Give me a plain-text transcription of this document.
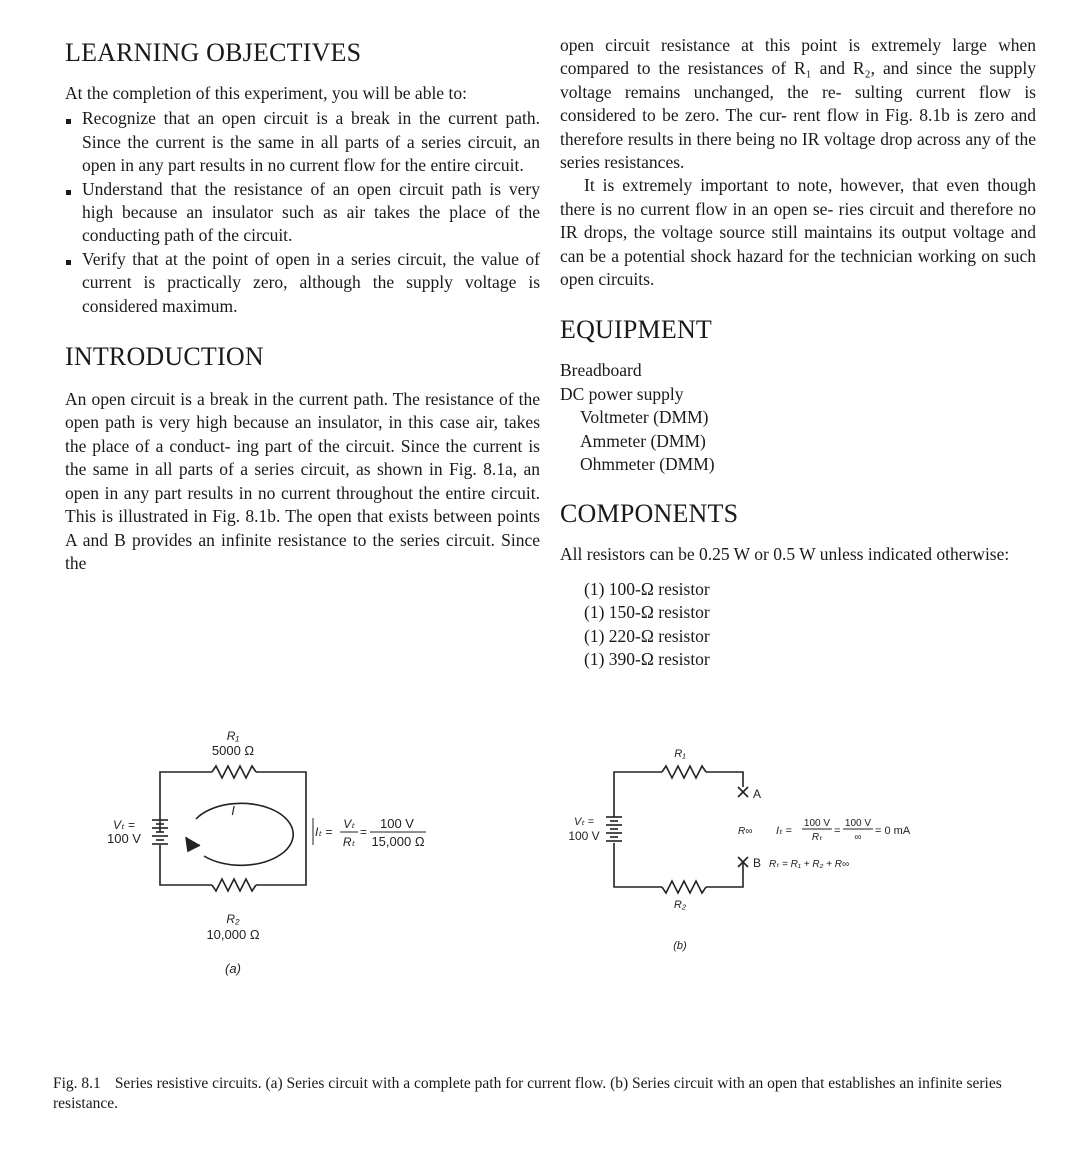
LEARNING OBJECTIVES

At the completion of this experiment, you will be able to:

Recognize that an open circuit is a break in the current path. Since the current is the same in all parts of a series circuit, an open in any part results in no current flow for the entire circuit.
Understand that the resistance of an open circuit path is very high because an insulator such as air takes the place of the conducting path of the circuit.
Verify that at the point of open in a series circuit, the value of current is practically zero, although the supply voltage is considered maximum.
INTRODUCTION

An open circuit is a break in the current path. The resistance of the open path is very high because an insulator, in this case air, takes the place of a conduct- ing part of the circuit. Since the current is the same in all parts of a series circuit, as shown in Fig. 8.1a, an open in any part results in no current throughout the entire circuit. This is illustrated in Fig. 8.1b. The open that exists between points A and B provides an infinite resistance to the series circuit. Since the

open circuit resistance at this point is extremely large when compared to the resistances of R₁ and R₂, and since the supply voltage remains unchanged, the re- sulting current flow is considered to be zero. The cur- rent flow in Fig. 8.1b is zero and therefore results in there being no IR voltage drop across any of the series resistances.

It is extremely important to note, however, that even though there is no current flow in an open se- ries circuit and therefore no IR drops, the voltage source still maintains its output voltage and can be a potential shock hazard for the technician working on such open circuits.

EQUIPMENT
Breadboard
DC power supply
Voltmeter (DMM)
Ammeter (DMM)
Ohmmeter (DMM)
COMPONENTS

All resistors can be 0.25 W or 0.5 W unless indicated otherwise:

(1) 100-Ω resistor
(1) 150-Ω resistor
(1) 220-Ω resistor
(1) 390-Ω resistor
R₁
5000 Ω
I
Vₜ =
100 V
R₂
10,000 Ω
(a)
Iₜ =
Vₜ
Rₜ
=
100 V
15,000 Ω
R₁
Vₜ =
100 V
A
B
R∞
R₂
(b)
Iₜ =
100 V
Rₜ
=
100 V
∞
= 0 mA
Rₜ = R₁ + R₂ + R∞
Fig. 8.1 Series resistive circuits. (a) Series circuit with a complete path for current flow. (b) Series circuit with an open that establishes an infinite series resistance.
